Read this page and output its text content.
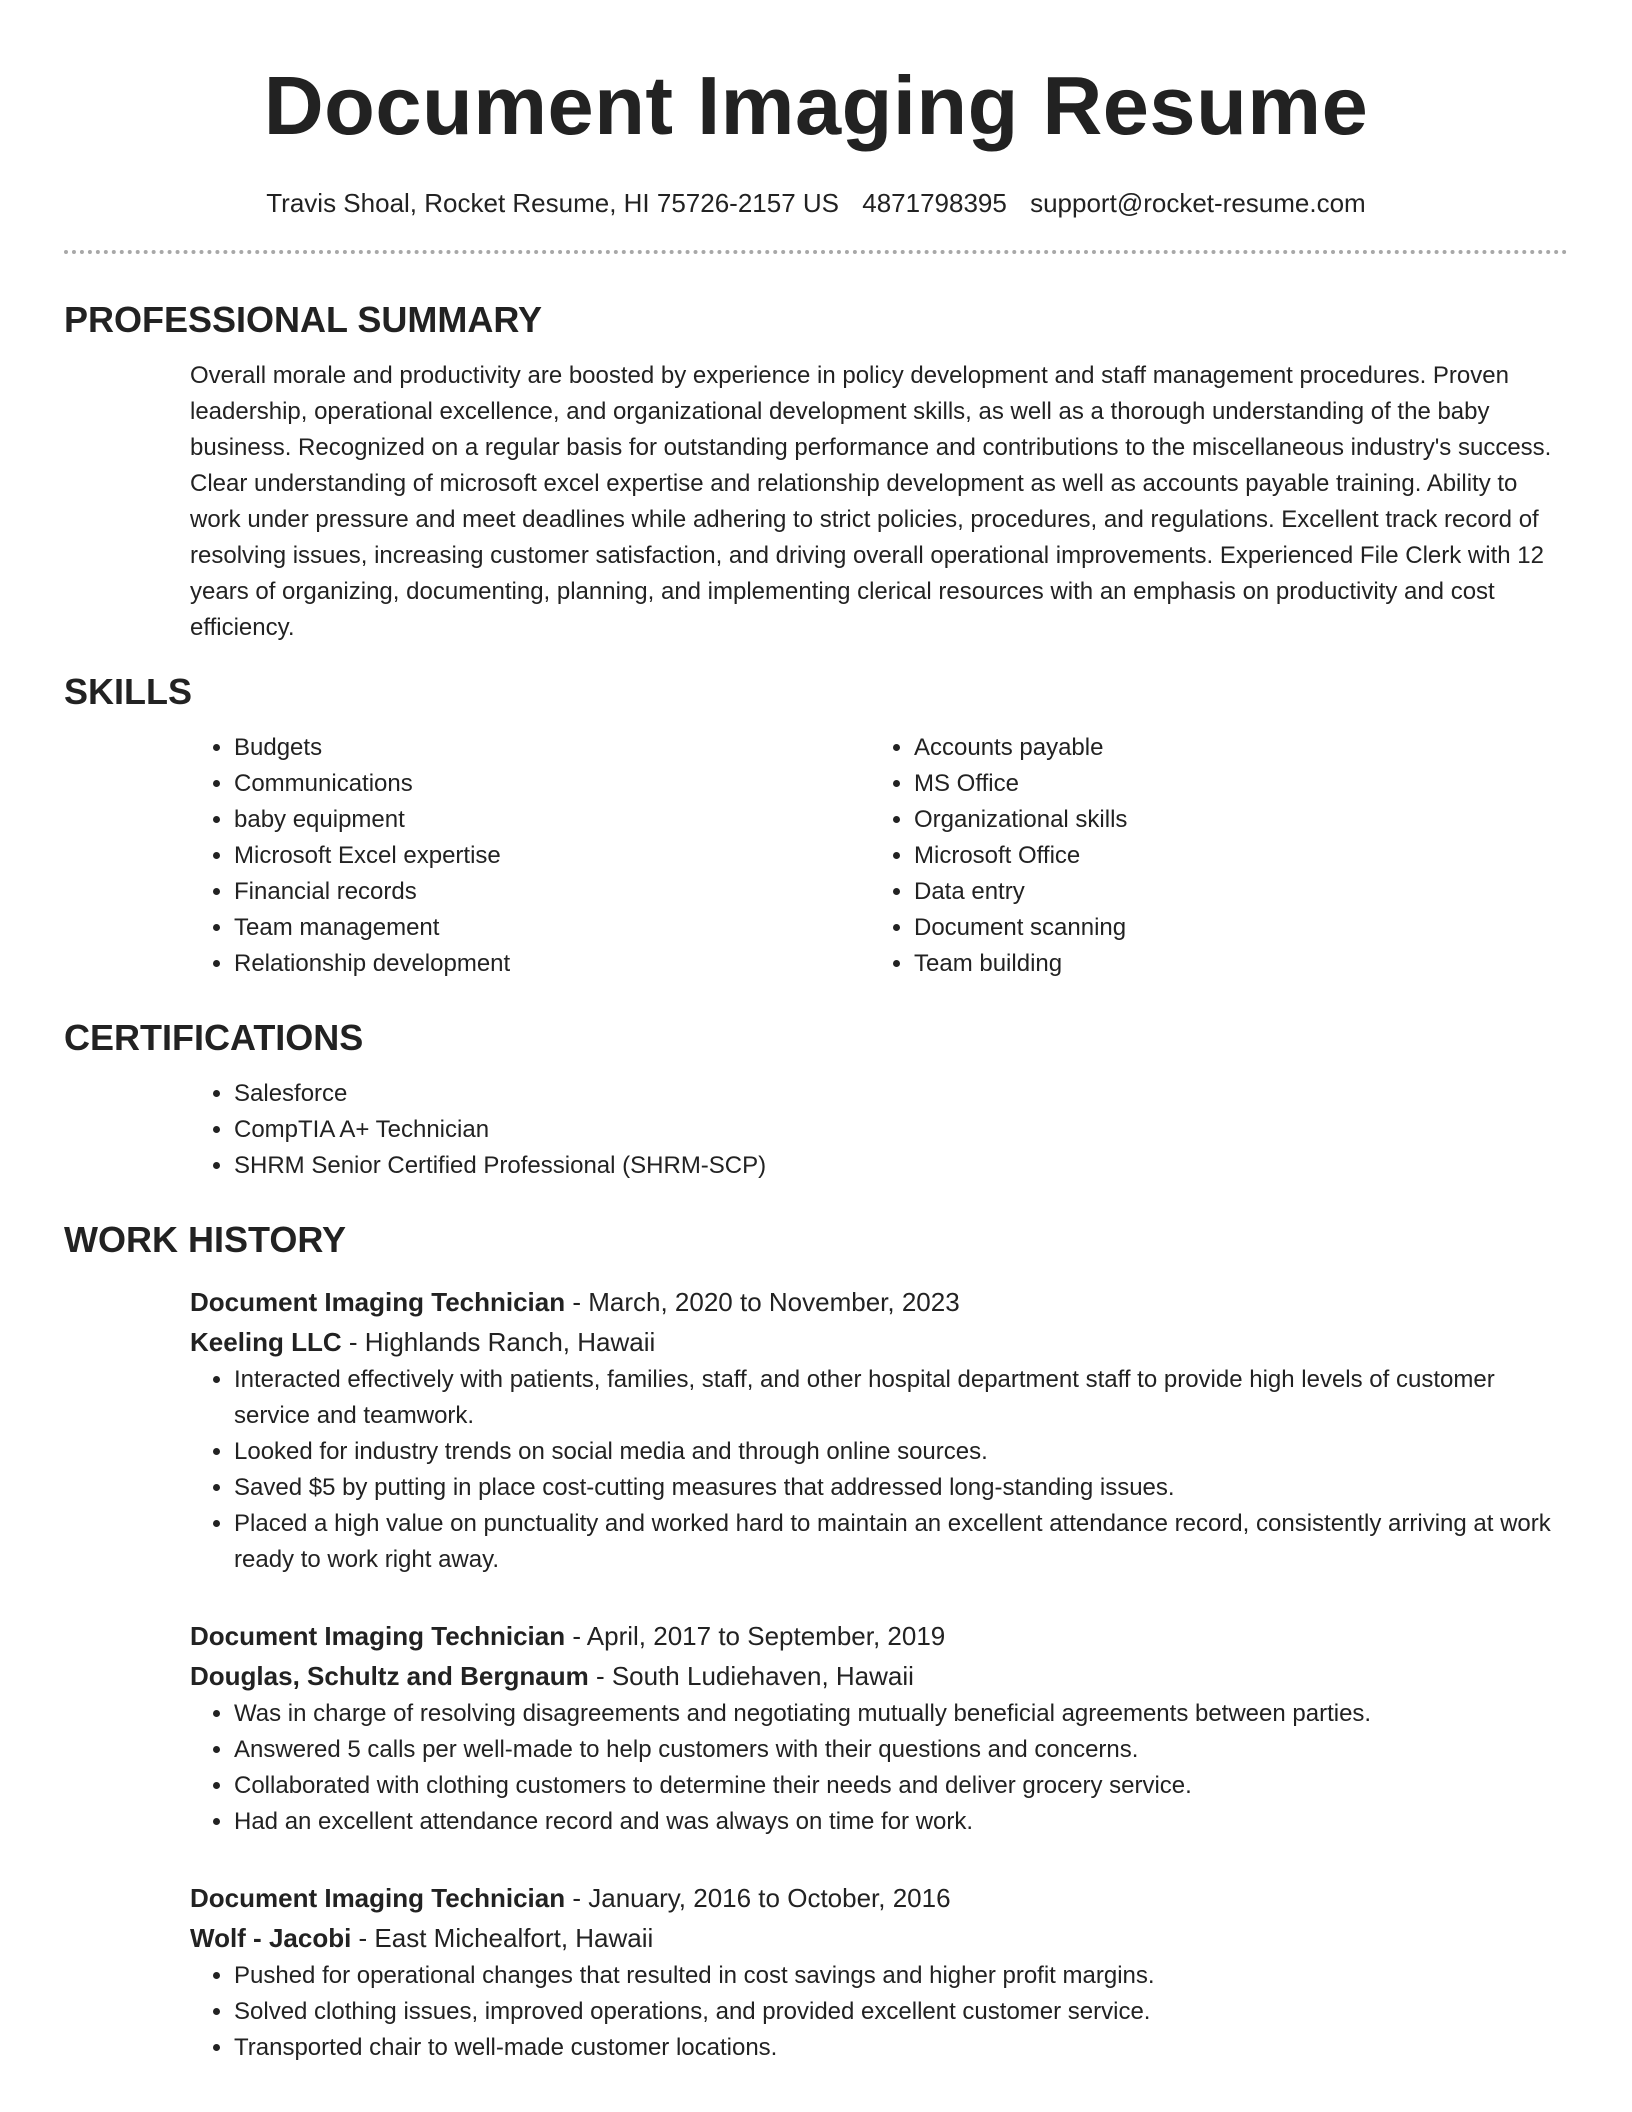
Document Imaging Resume
Travis Shoal, Rocket Resume, HI 75726-2157 US 4871798395 support@rocket-resume.com
PROFESSIONAL SUMMARY

Overall morale and productivity are boosted by experience in policy development and staff management procedures. Proven leadership, operational excellence, and organizational development skills, as well as a thorough understanding of the baby business. Recognized on a regular basis for outstanding performance and contributions to the miscellaneous industry's success. Clear understanding of microsoft excel expertise and relationship development as well as accounts payable training. Ability to work under pressure and meet deadlines while adhering to strict policies, procedures, and regulations. Excellent track record of resolving issues, increasing customer satisfaction, and driving overall operational improvements. Experienced File Clerk with 12 years of organizing, documenting, planning, and implementing clerical resources with an emphasis on productivity and cost efficiency.

SKILLS
• Budgets
• Communications
• baby equipment
• Microsoft Excel expertise
• Financial records
• Team management
• Relationship development
• Accounts payable
• MS Office
• Organizational skills
• Microsoft Office
• Data entry
• Document scanning
• Team building
CERTIFICATIONS
• Salesforce
• CompTIA A+ Technician
• SHRM Senior Certified Professional (SHRM-SCP)
WORK HISTORY
Document Imaging Technician - March, 2020 to November, 2023
Keeling LLC - Highlands Ranch, Hawaii
• Interacted effectively with patients, families, staff, and other hospital department staff to provide high levels of customer service and teamwork.
• Looked for industry trends on social media and through online sources.
• Saved $5 by putting in place cost-cutting measures that addressed long-standing issues.
• Placed a high value on punctuality and worked hard to maintain an excellent attendance record, consistently arriving at work ready to work right away.
Document Imaging Technician - April, 2017 to September, 2019
Douglas, Schultz and Bergnaum - South Ludiehaven, Hawaii
• Was in charge of resolving disagreements and negotiating mutually beneficial agreements between parties.
• Answered 5 calls per well-made to help customers with their questions and concerns.
• Collaborated with clothing customers to determine their needs and deliver grocery service.
• Had an excellent attendance record and was always on time for work.
Document Imaging Technician - January, 2016 to October, 2016
Wolf - Jacobi - East Michealfort, Hawaii
• Pushed for operational changes that resulted in cost savings and higher profit margins.
• Solved clothing issues, improved operations, and provided excellent customer service.
• Transported chair to well-made customer locations.
